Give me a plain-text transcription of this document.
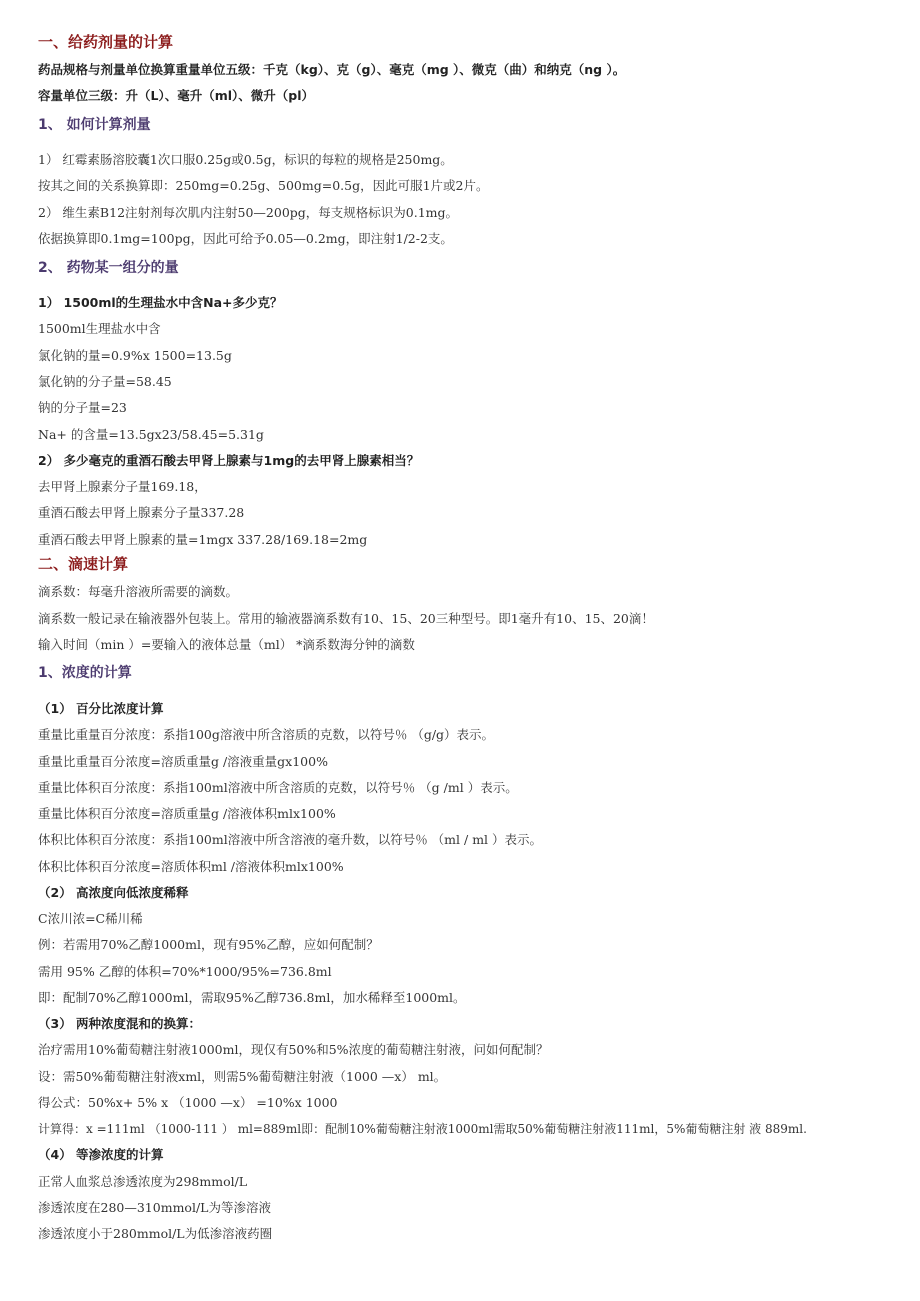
一、给药剂量的计算
药品规格与剂量单位换算重量单位五级：千克（kg）、克（g）、毫克（mg ）、微克（曲）和纳克（ng ）。
容量单位三级：升（L）、毫升（ml）、微升（pl）
1、 如何计算剂量
1） 红霉素肠溶胶囊1次口服0.25g或0.5g，标识的每粒的规格是250mg。
按其之间的关系换算即：250mg=0.25g、500mg=0.5g，因此可服1片或2片。
2） 维生素B12注射剂每次肌内注射50—200pg，每支规格标识为0.1mg。
依据换算即0.1mg=100pg，因此可给予0.05—0.2mg，即注射1/2-2支。
2、 药物某一组分的量
1） 1500ml的生理盐水中含Na+多少克？
1500ml生理盐水中含
氯化钠的量=0.9%x 1500=13.5g
氯化钠的分子量=58.45
钠的分子量=23
Na+ 的含量=13.5gx23/58.45=5.31g
2） 多少毫克的重酒石酸去甲肾上腺素与1mg的去甲肾上腺素相当？
去甲肾上腺素分子量169.18，
重酒石酸去甲肾上腺素分子量337.28
重酒石酸去甲肾上腺素的量=1mgx 337.28/169.18=2mg
二、滴速计算
滴系数：每毫升溶液所需要的滴数。
滴系数一般记录在输液器外包装上。常用的输液器滴系数有10、15、20三种型号。即1毫升有10、15、20滴！
输入时间（min ）=要输入的液体总量（ml） *滴系数海分钟的滴数
1、浓度的计算
（1） 百分比浓度计算
重量比重量百分浓度：系指100g溶液中所含溶质的克数，以符号％ （g/g）表示。
重量比重量百分浓度=溶质重量g /溶液重量gx100%
重量比体积百分浓度：系指100ml溶液中所含溶质的克数，以符号％ （g /ml ）表示。
重量比体积百分浓度=溶质重量g /溶液体积mlx100%
体积比体积百分浓度：系指100ml溶液中所含溶液的毫升数，以符号％ （ml / ml ）表示。
体积比体积百分浓度=溶质体积ml /溶液体积mlx100%
（2） 高浓度向低浓度稀释
C浓川浓=C稀川稀
例：若需用70%乙醇1000ml，现有95%乙醇，应如何配制？
需用 95% 乙醇的体积=70%*1000/95%=736.8ml
即：配制70%乙醇1000ml，需取95%乙醇736.8ml，加水稀释至1000ml。
（3） 两种浓度混和的换算：
治疗需用10%葡萄糖注射液1000ml，现仅有50%和5%浓度的葡萄糖注射液，问如何配制？
设：需50%葡萄糖注射液xml，则需5%葡萄糖注射液（1000 —x） ml。
得公式：50%x+ 5% x （1000 —x） =10%x 1000
计算得：x =111ml （1000-111 ） ml=889ml即：配制10%葡萄糖注射液1000ml需取50%葡萄糖注射液111ml，5%葡萄糖注射 液 889ml.
（4） 等渗浓度的计算
正常人血浆总渗透浓度为298mmol/L
渗透浓度在280—310mmol/L为等渗溶液
渗透浓度小于280mmol/L为低渗溶液药圈
